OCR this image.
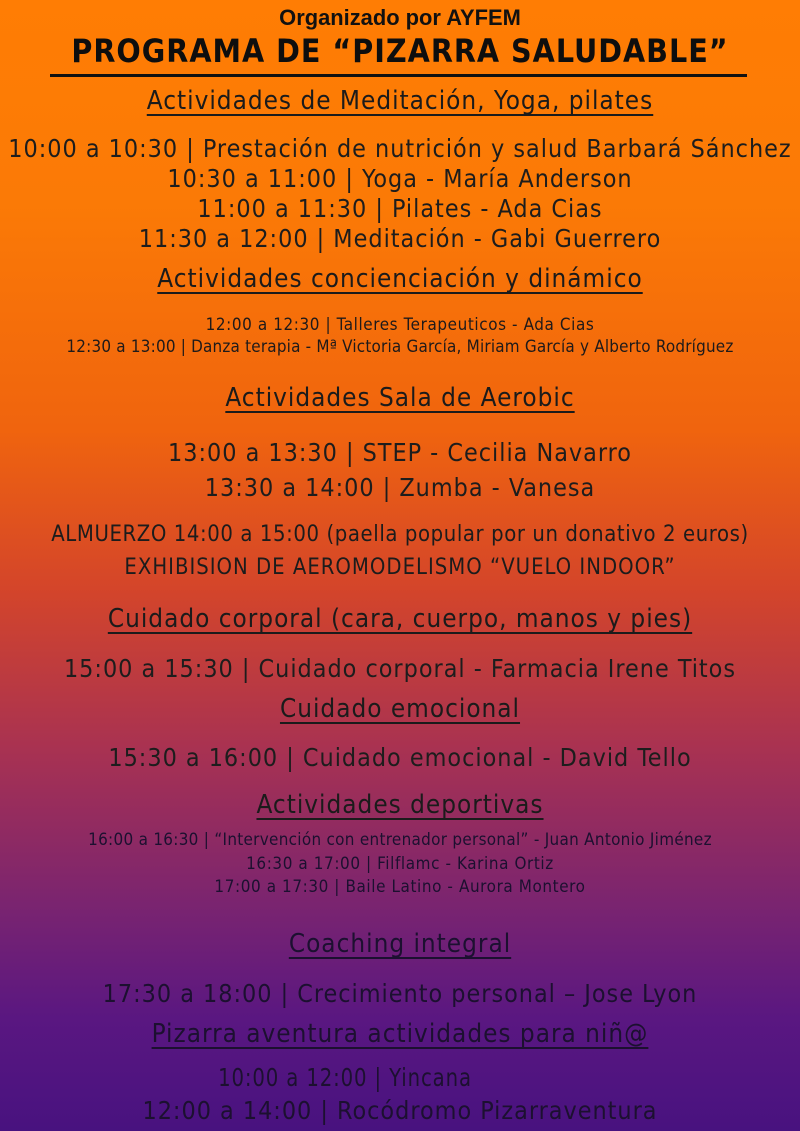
Organizado por AYFEM
PROGRAMA DE “PIZARRA SALUDABLE”
Actividades de Meditación, Yoga, pilates
10:00 a 10:30 | Prestación de nutrición y salud Barbará Sánchez
10:30 a 11:00 | Yoga - María Anderson
11:00 a 11:30 | Pilates - Ada Cias
11:30 a 12:00 | Meditación - Gabi Guerrero
Actividades concienciación y dinámico
12:00 a 12:30 | Talleres Terapeuticos - Ada Cias
12:30 a 13:00 | Danza terapia - Mª Victoria García, Miriam García y Alberto Rodríguez
Actividades Sala de Aerobic
13:00 a 13:30 | STEP - Cecilia Navarro
13:30 a 14:00 | Zumba - Vanesa
ALMUERZO 14:00 a 15:00 (paella popular por un donativo 2 euros)
EXHIBISION DE AEROMODELISMO “VUELO INDOOR”
Cuidado corporal (cara, cuerpo, manos y pies)
15:00 a 15:30 | Cuidado corporal - Farmacia Irene Titos
Cuidado emocional
15:30 a 16:00 | Cuidado emocional - David Tello
Actividades deportivas
16:00 a 16:30 | “Intervención con entrenador personal” - Juan Antonio Jiménez
16:30 a 17:00 | Filflamc - Karina Ortiz
17:00 a 17:30 | Baile Latino - Aurora Montero
Coaching integral
17:30 a 18:00 | Crecimiento personal – Jose Lyon
Pizarra aventura actividades para niñ@
10:00 a 12:00 | Yincana
12:00 a 14:00 | Rocódromo Pizarraventura
